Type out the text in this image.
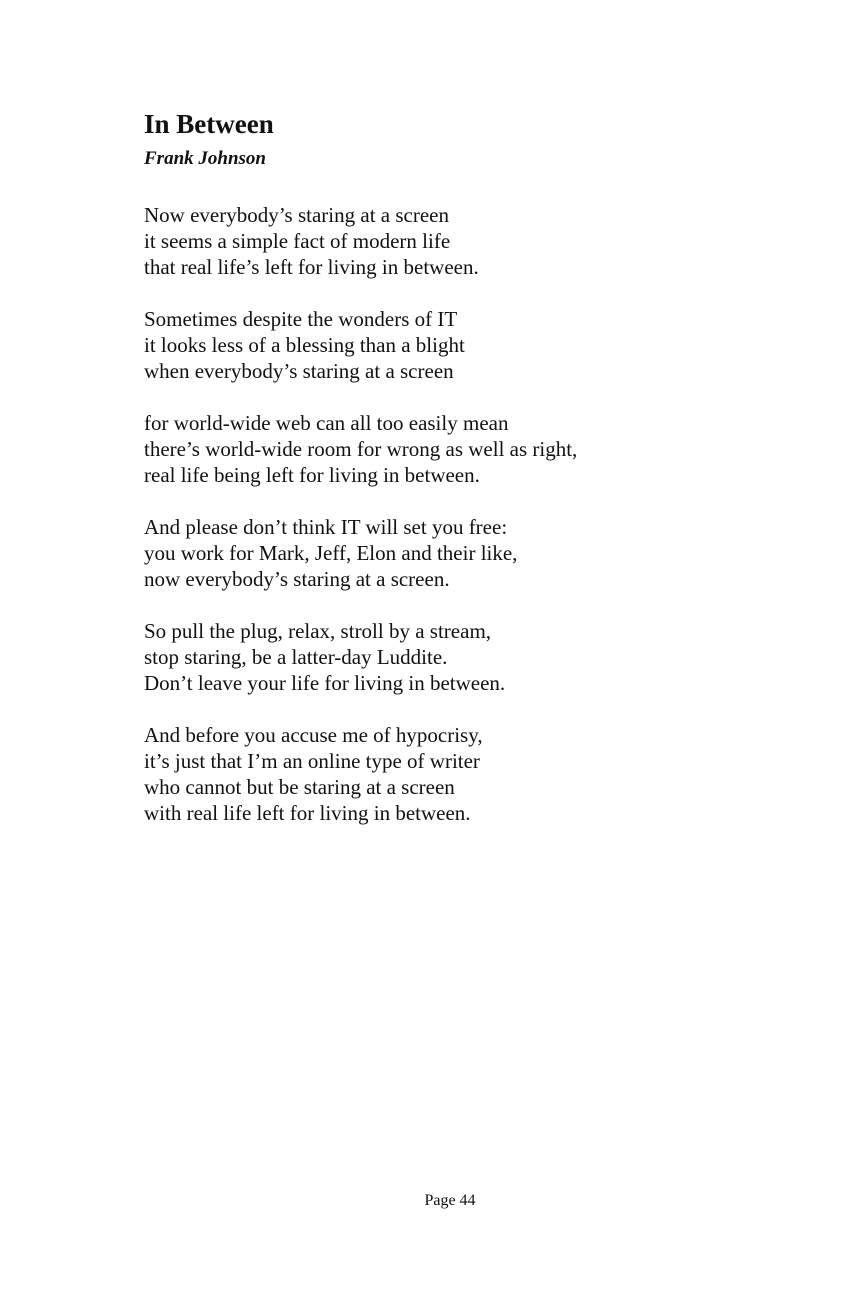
In Between

Frank Johnson

Now everybody’s staring at a screen
it seems a simple fact of modern life
that real life’s left for living in between.
Sometimes despite the wonders of IT
it looks less of a blessing than a blight
when everybody’s staring at a screen
for world-wide web can all too easily mean
there’s world-wide room for wrong as well as right,
real life being left for living in between.
And please don’t think IT will set you free:
you work for Mark, Jeff, Elon and their like,
now everybody’s staring at a screen.
So pull the plug, relax, stroll by a stream,
stop staring, be a latter-day Luddite.
Don’t leave your life for living in between.
And before you accuse me of hypocrisy,
it’s just that I’m an online type of writer
who cannot but be staring at a screen
with real life left for living in between.
Page 44
